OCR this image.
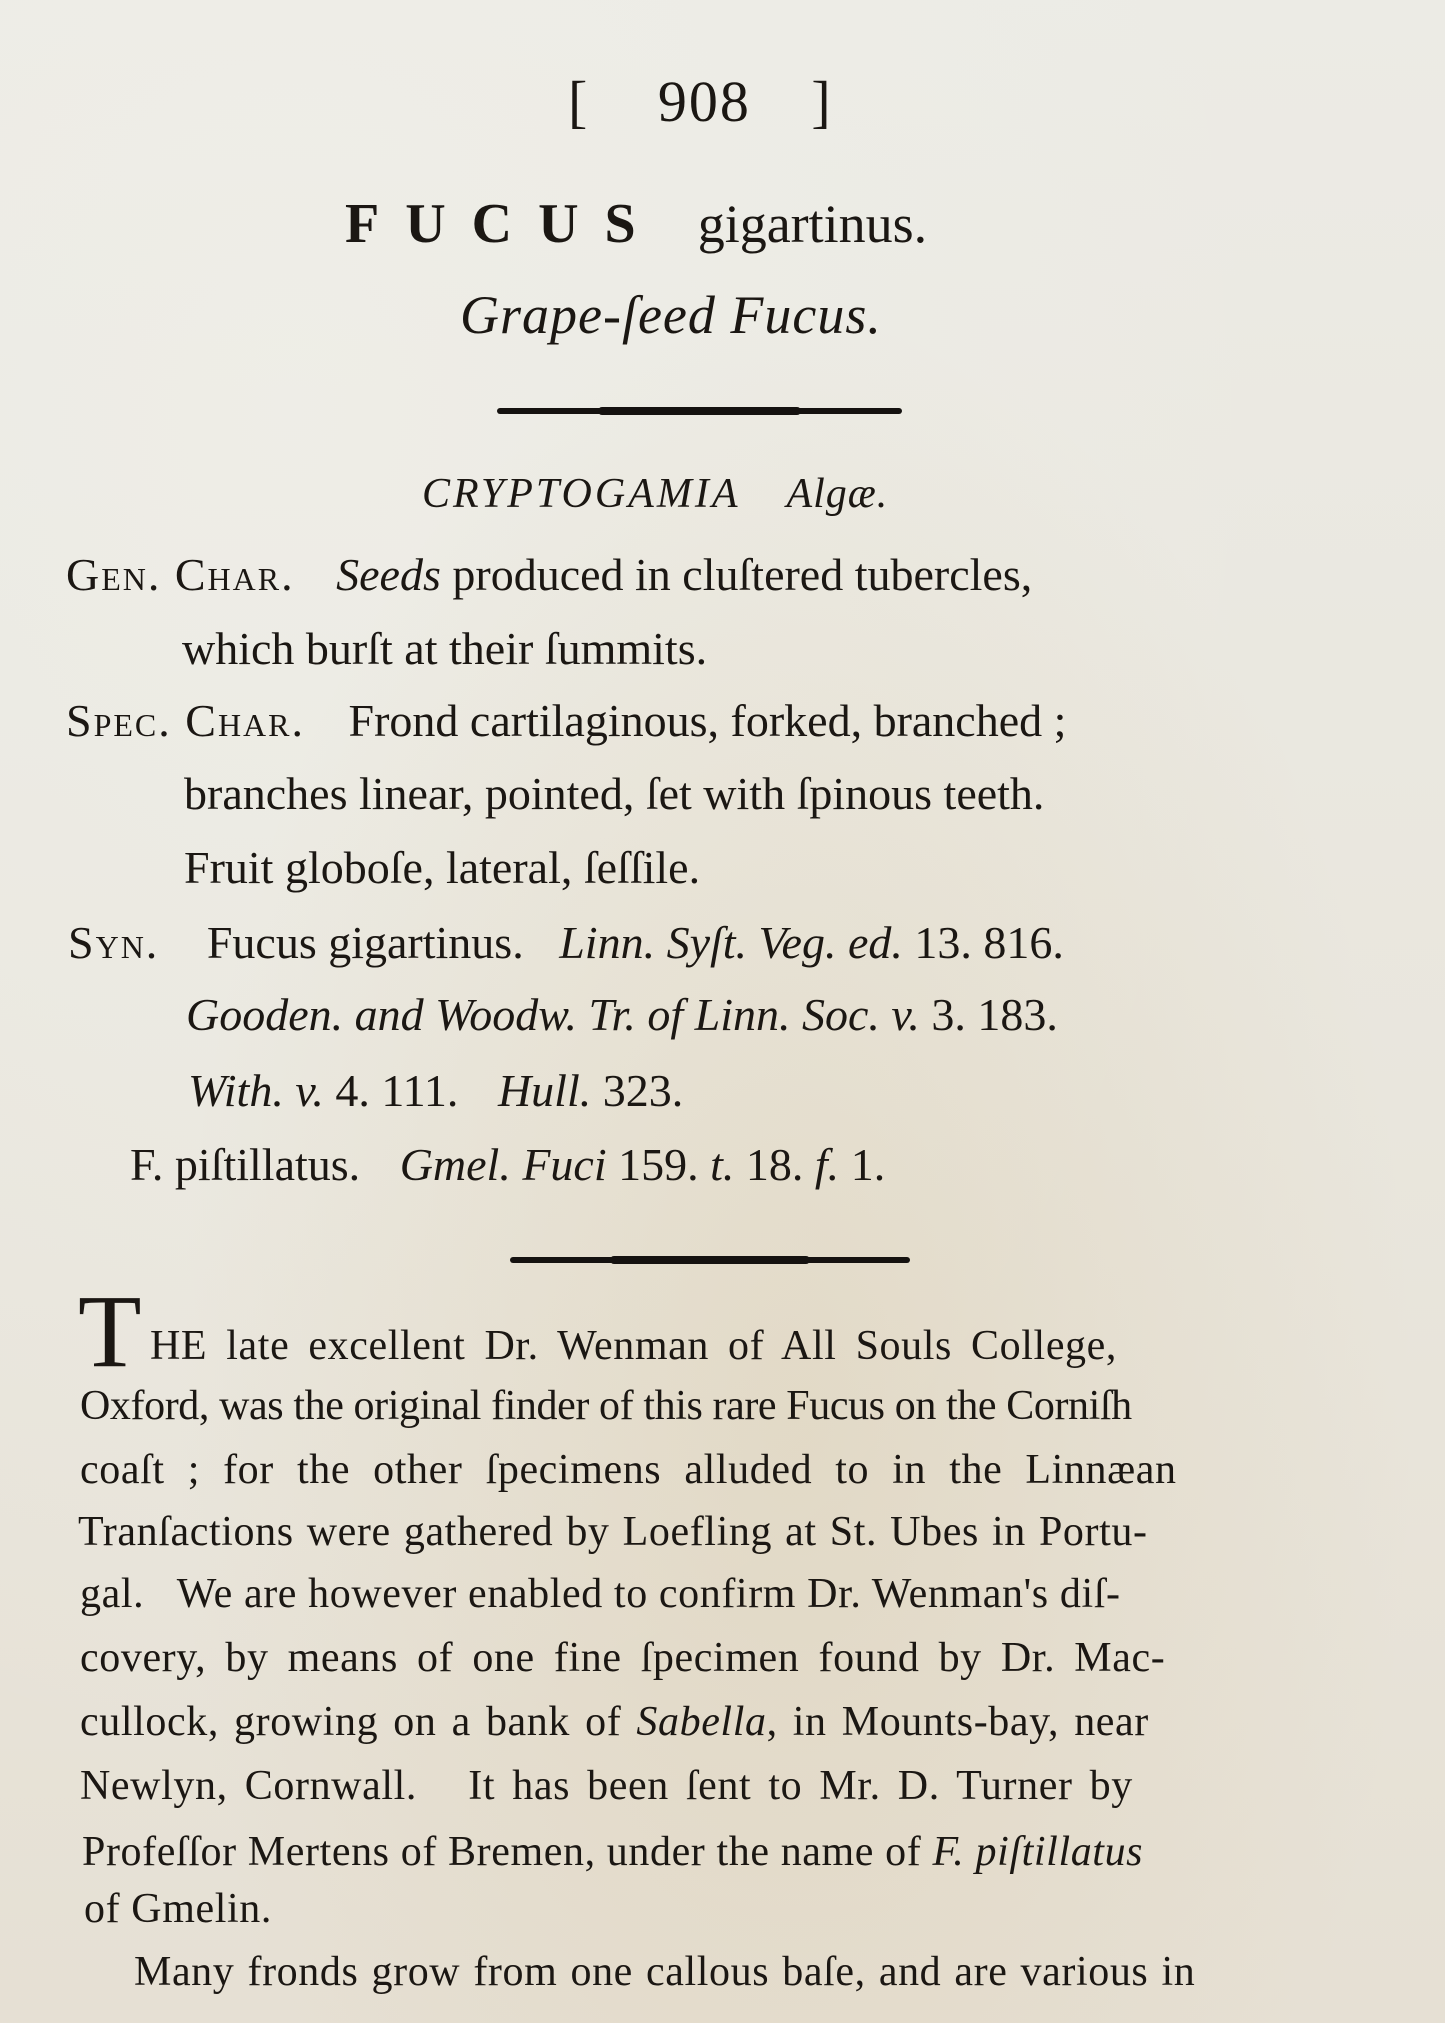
[ 908 ]
FUCUS gigartinus.
Grape-ſeed Fucus.
CRYPTOGAMIA Algæ.
Gen. Char. Seeds produced in cluſtered tubercles,
which burſt at their ſummits.
Spec. Char. Frond cartilaginous, forked, branched ;
branches linear, pointed, ſet with ſpinous teeth.
Fruit globoſe, lateral, ſeſſile.
Syn. Fucus gigartinus. Linn. Syſt. Veg. ed. 13. 816.
Gooden. and Woodw. Tr. of Linn. Soc. v. 3. 183.
With. v. 4. 111. Hull. 323.
F. piſtillatus. Gmel. Fuci 159. t. 18. f. 1.
T HE late excellent Dr. Wenman of All Souls College,
Oxford, was the original finder of this rare Fucus on the Corniſh
coaſt ; for the other ſpecimens alluded to in the Linnæan
Tranſactions were gathered by Loefling at St. Ubes in Portu-
gal.   We are however enabled to confirm Dr. Wenman's diſ-
covery, by means of one fine ſpecimen found by Dr. Mac-
cullock, growing on a bank of Sabella, in Mounts-bay, near
Newlyn, Cornwall.   It has been ſent to Mr. D. Turner by
Profeſſor Mertens of Bremen, under the name of F. piſtillatus
of Gmelin.
Many fronds grow from one callous baſe, and are various in
